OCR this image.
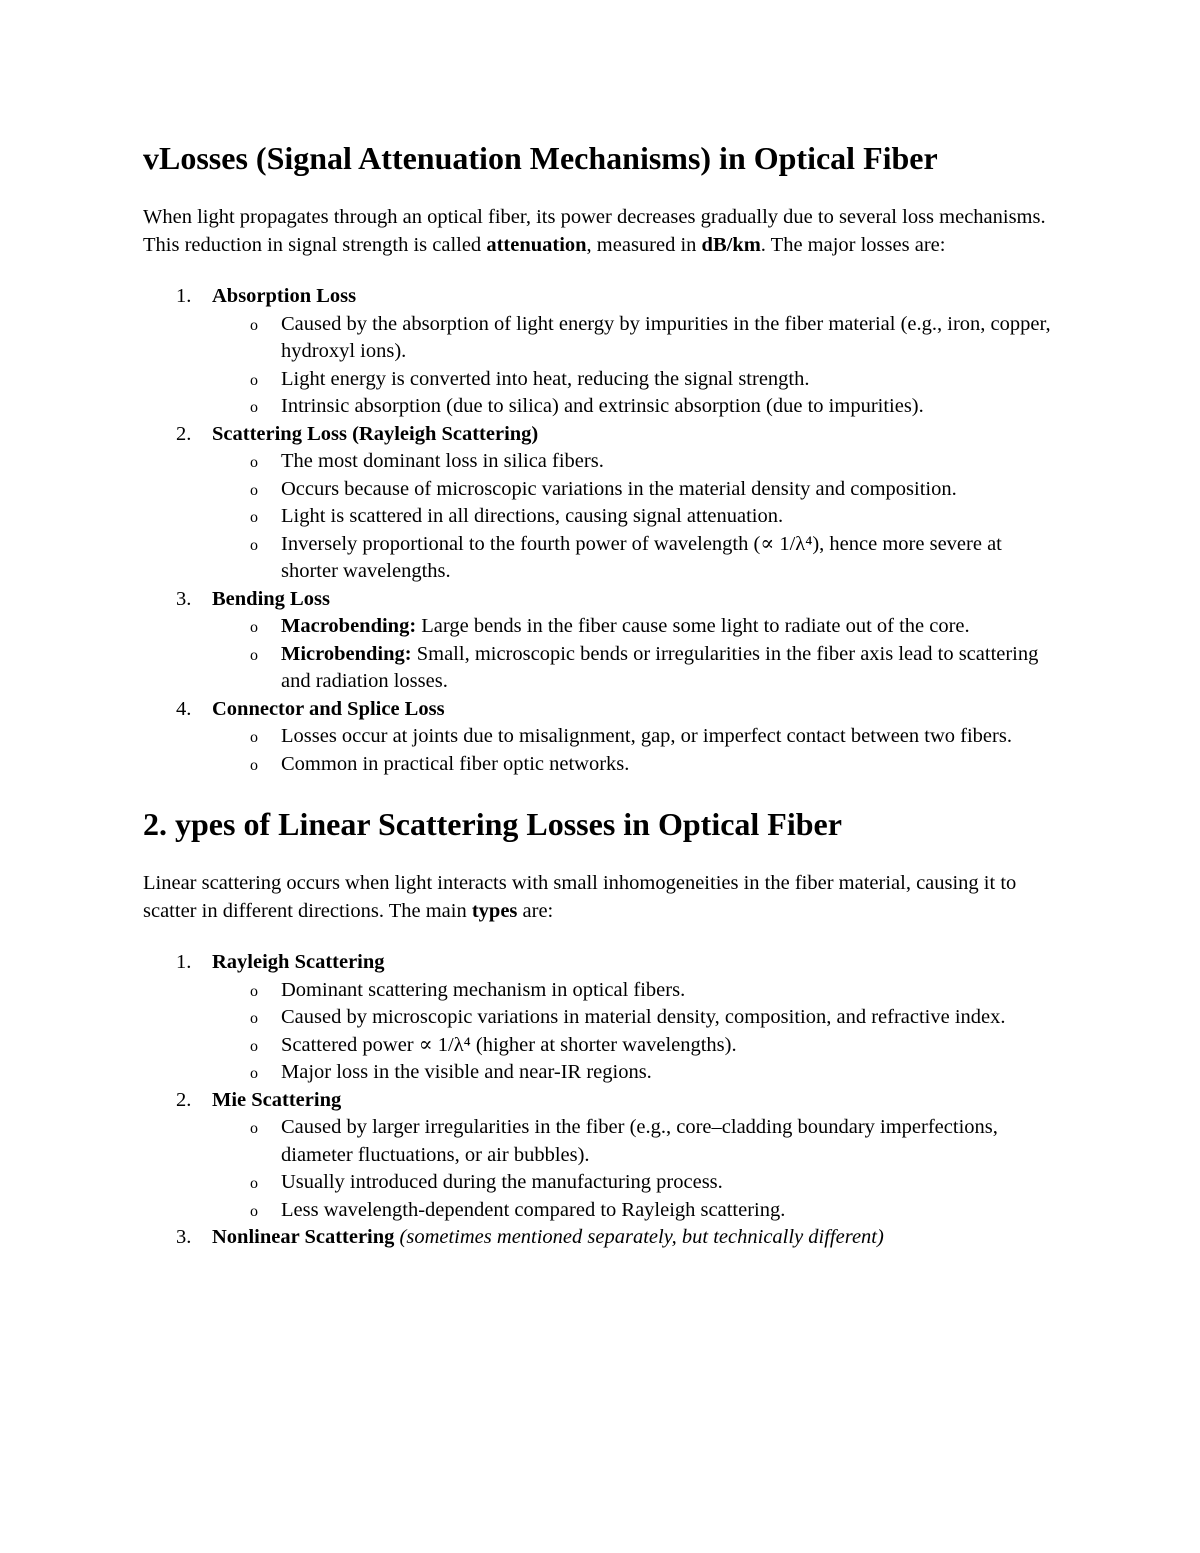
vLosses (Signal Attenuation Mechanisms) in Optical Fiber

When light propagates through an optical fiber, its power decreases gradually due to several loss mechanisms. This reduction in signal strength is called attenuation, measured in dB/km. The major losses are:

1. Absorption Loss
o Caused by the absorption of light energy by impurities in the fiber material (e.g., iron, copper, hydroxyl ions).
o Light energy is converted into heat, reducing the signal strength.
o Intrinsic absorption (due to silica) and extrinsic absorption (due to impurities).
2. Scattering Loss (Rayleigh Scattering)
o The most dominant loss in silica fibers.
o Occurs because of microscopic variations in the material density and composition.
o Light is scattered in all directions, causing signal attenuation.
o Inversely proportional to the fourth power of wavelength (∝ 1/λ⁴), hence more severe at shorter wavelengths.
3. Bending Loss
o Macrobending: Large bends in the fiber cause some light to radiate out of the core.
o Microbending: Small, microscopic bends or irregularities in the fiber axis lead to scattering and radiation losses.
4. Connector and Splice Loss
o Losses occur at joints due to misalignment, gap, or imperfect contact between two fibers.
o Common in practical fiber optic networks.
2. ypes of Linear Scattering Losses in Optical Fiber

Linear scattering occurs when light interacts with small inhomogeneities in the fiber material, causing it to scatter in different directions. The main types are:

1. Rayleigh Scattering
o Dominant scattering mechanism in optical fibers.
o Caused by microscopic variations in material density, composition, and refractive index.
o Scattered power ∝ 1/λ⁴ (higher at shorter wavelengths).
o Major loss in the visible and near-IR regions.
2. Mie Scattering
o Caused by larger irregularities in the fiber (e.g., core–cladding boundary imperfections, diameter fluctuations, or air bubbles).
o Usually introduced during the manufacturing process.
o Less wavelength-dependent compared to Rayleigh scattering.
3. Nonlinear Scattering (sometimes mentioned separately, but technically different)
